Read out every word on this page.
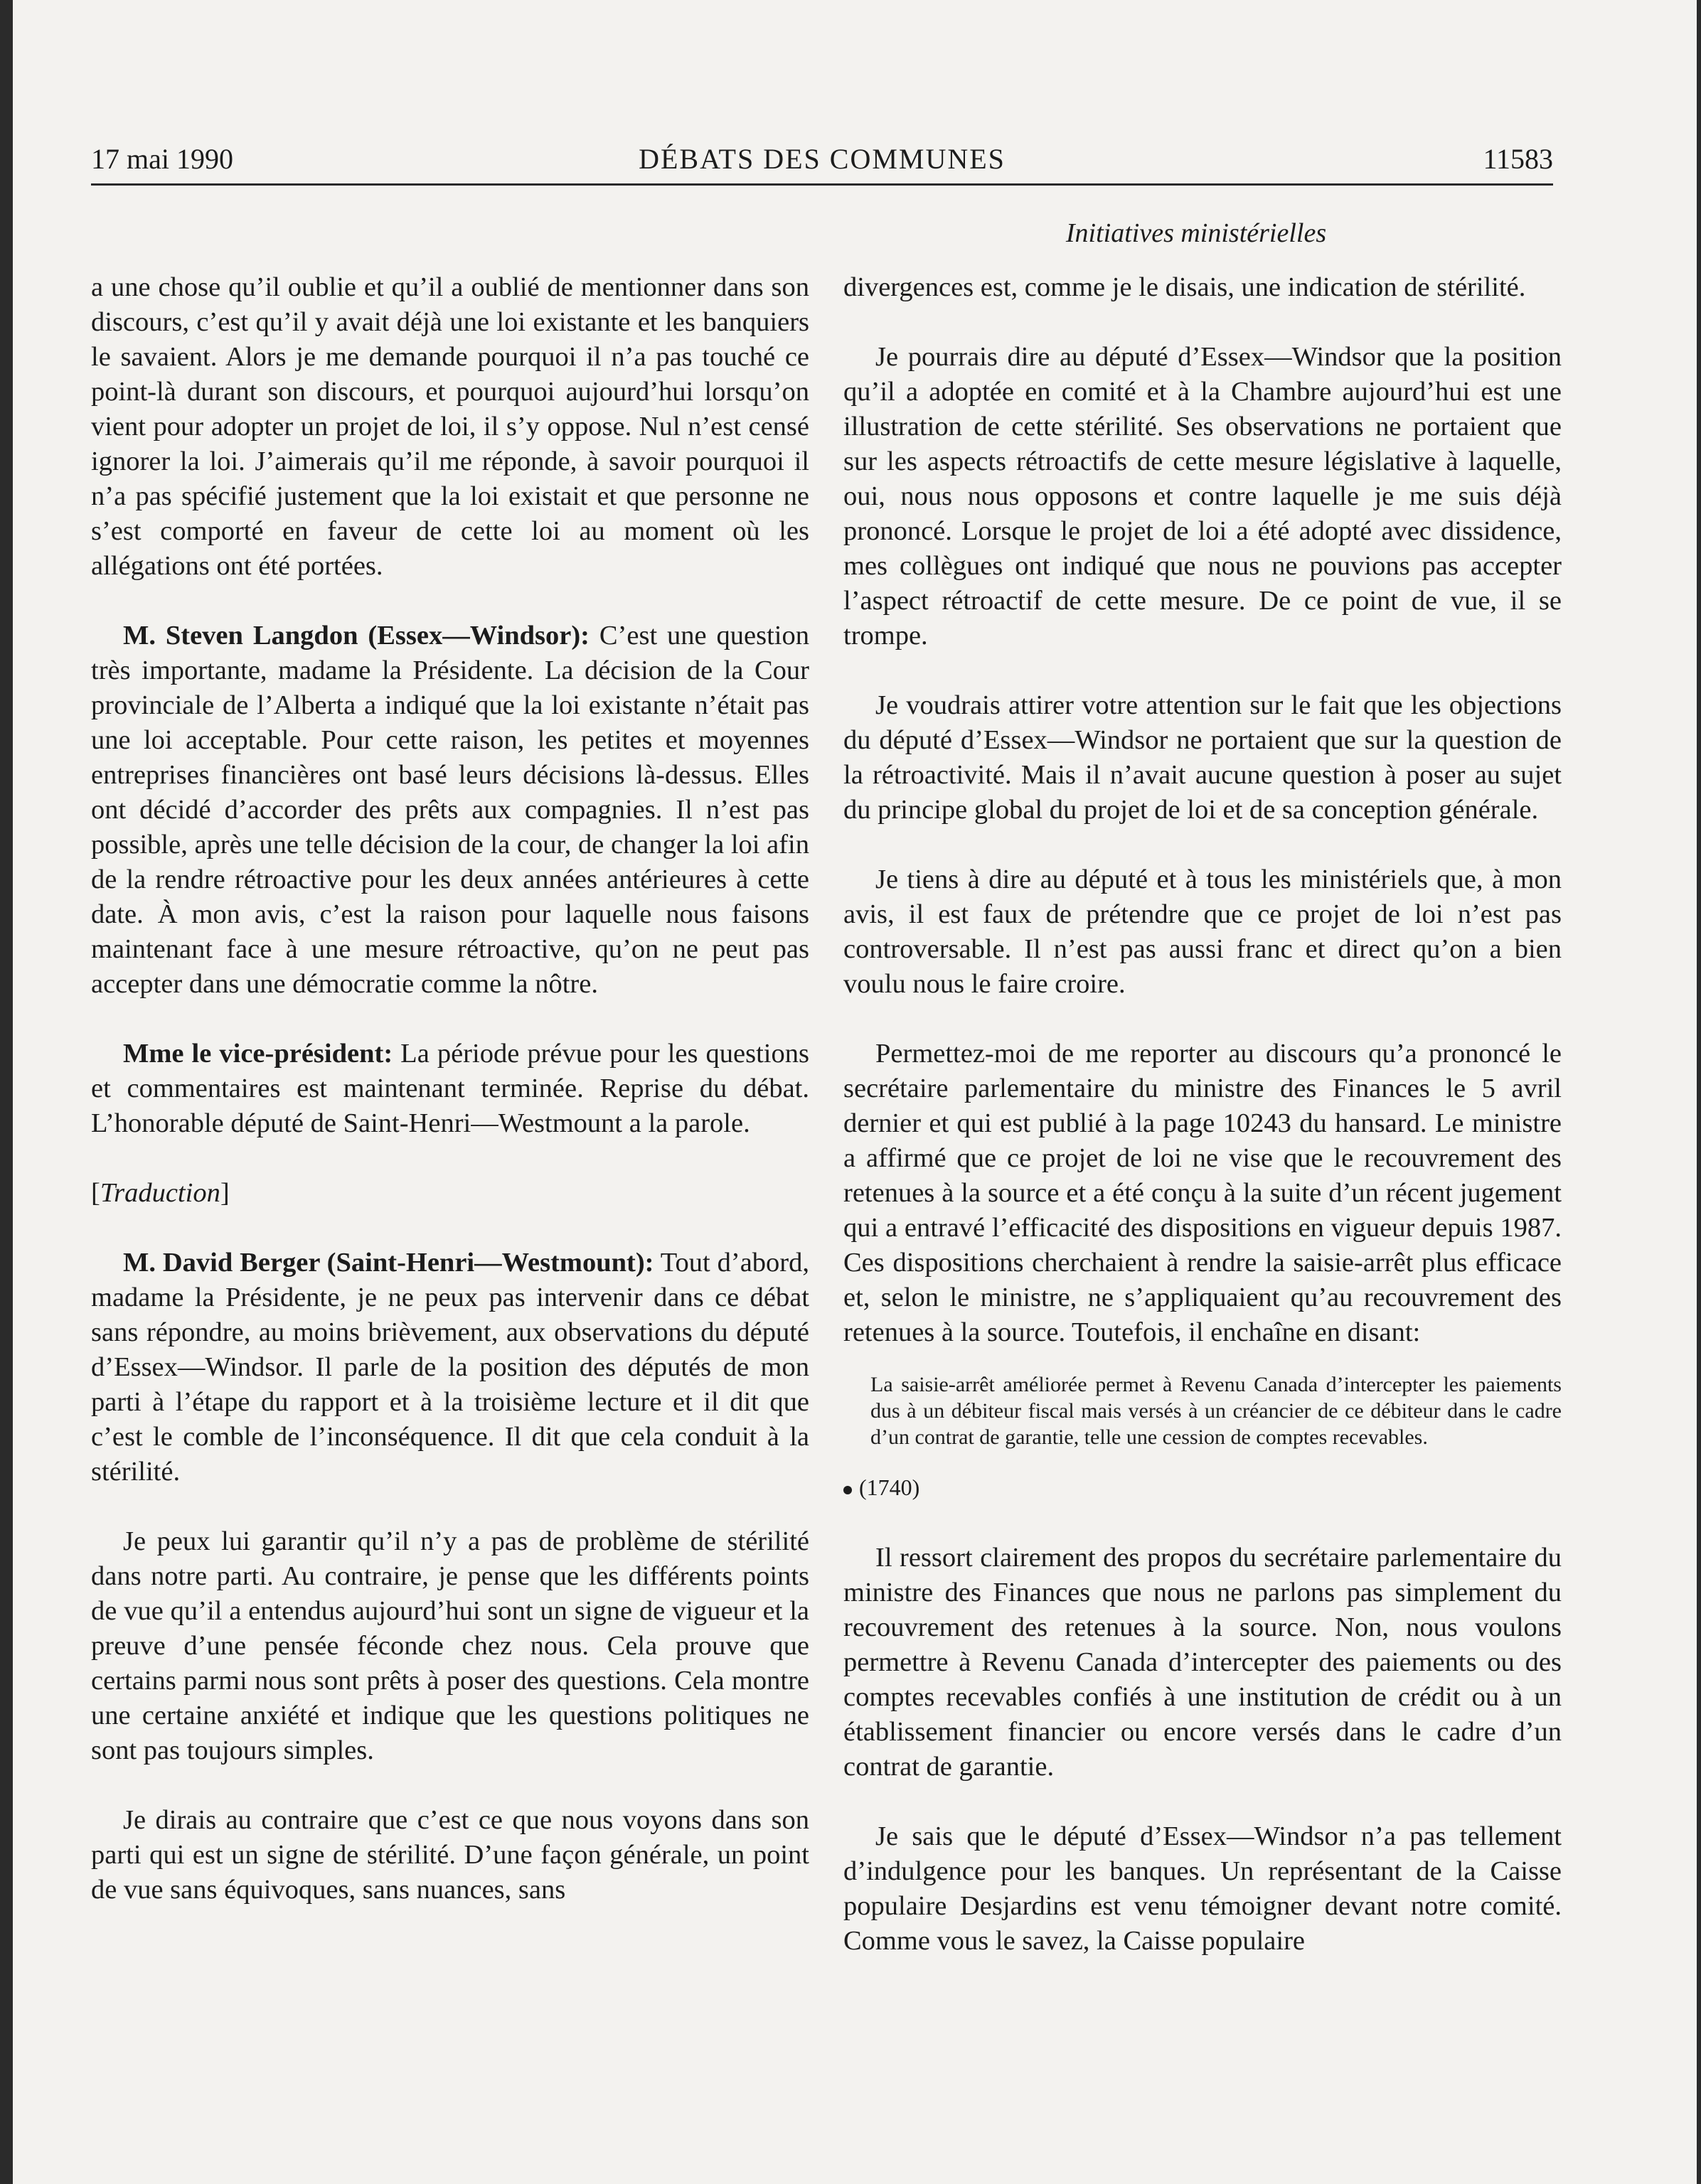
17 mai 1990	DÉBATS DES COMMUNES	11583
Initiatives ministérielles

a une chose qu’il oublie et qu’il a oublié de mentionner dans son discours, c’est qu’il y avait déjà une loi existante et les banquiers le savaient. Alors je me demande pourquoi il n’a pas touché ce point-là durant son discours, et pourquoi aujourd’hui lorsqu’on vient pour adopter un projet de loi, il s’y oppose. Nul n’est censé ignorer la loi. J’aimerais qu’il me réponde, à savoir pourquoi il n’a pas spécifié justement que la loi existait et que personne ne s’est comporté en faveur de cette loi au moment où les allégations ont été portées.

M. Steven Langdon (Essex—Windsor): C’est une question très importante, madame la Présidente. La décision de la Cour provinciale de l’Alberta a indiqué que la loi existante n’était pas une loi acceptable. Pour cette raison, les petites et moyennes entreprises financières ont basé leurs décisions là-dessus. Elles ont décidé d’accorder des prêts aux compagnies. Il n’est pas possible, après une telle décision de la cour, de changer la loi afin de la rendre rétroactive pour les deux années antérieures à cette date. À mon avis, c’est la raison pour laquelle nous faisons maintenant face à une mesure rétroactive, qu’on ne peut pas accepter dans une démocratie comme la nôtre.

Mme le vice-président: La période prévue pour les questions et commentaires est maintenant terminée. Reprise du débat. L’honorable député de Saint-Henri—Westmount a la parole.

[Traduction]

M. David Berger (Saint-Henri—Westmount): Tout d’abord, madame la Présidente, je ne peux pas intervenir dans ce débat sans répondre, au moins brièvement, aux observations du député d’Essex—Windsor. Il parle de la position des députés de mon parti à l’étape du rapport et à la troisième lecture et il dit que c’est le comble de l’inconséquence. Il dit que cela conduit à la stérilité.

Je peux lui garantir qu’il n’y a pas de problème de stérilité dans notre parti. Au contraire, je pense que les différents points de vue qu’il a entendus aujourd’hui sont un signe de vigueur et la preuve d’une pensée féconde chez nous. Cela prouve que certains parmi nous sont prêts à poser des questions. Cela montre une certaine anxiété et indique que les questions politiques ne sont pas toujours simples.

Je dirais au contraire que c’est ce que nous voyons dans son parti qui est un signe de stérilité. D’une façon générale, un point de vue sans équivoques, sans nuances, sans

divergences est, comme je le disais, une indication de stérilité.

Je pourrais dire au député d’Essex—Windsor que la position qu’il a adoptée en comité et à la Chambre aujourd’hui est une illustration de cette stérilité. Ses observations ne portaient que sur les aspects rétroactifs de cette mesure législative à laquelle, oui, nous nous opposons et contre laquelle je me suis déjà prononcé. Lorsque le projet de loi a été adopté avec dissidence, mes collègues ont indiqué que nous ne pouvions pas accepter l’aspect rétroactif de cette mesure. De ce point de vue, il se trompe.

Je voudrais attirer votre attention sur le fait que les objections du député d’Essex—Windsor ne portaient que sur la question de la rétroactivité. Mais il n’avait aucune question à poser au sujet du principe global du projet de loi et de sa conception générale.

Je tiens à dire au député et à tous les ministériels que, à mon avis, il est faux de prétendre que ce projet de loi n’est pas controversable. Il n’est pas aussi franc et direct qu’on a bien voulu nous le faire croire.

Permettez-moi de me reporter au discours qu’a prononcé le secrétaire parlementaire du ministre des Finances le 5 avril dernier et qui est publié à la page 10243 du hansard. Le ministre a affirmé que ce projet de loi ne vise que le recouvrement des retenues à la source et a été conçu à la suite d’un récent jugement qui a entravé l’efficacité des dispositions en vigueur depuis 1987. Ces dispositions cherchaient à rendre la saisie-arrêt plus efficace et, selon le ministre, ne s’appliquaient qu’au recouvrement des retenues à la source. Toutefois, il enchaîne en disant:

La saisie-arrêt améliorée permet à Revenu Canada d’intercepter les paiements dus à un débiteur fiscal mais versés à un créancier de ce débiteur dans le cadre d’un contrat de garantie, telle une cession de comptes recevables.

(1740)

Il ressort clairement des propos du secrétaire parlementaire du ministre des Finances que nous ne parlons pas simplement du recouvrement des retenues à la source. Non, nous voulons permettre à Revenu Canada d’intercepter des paiements ou des comptes recevables confiés à une institution de crédit ou à un établissement financier ou encore versés dans le cadre d’un contrat de garantie.

Je sais que le député d’Essex—Windsor n’a pas tellement d’indulgence pour les banques. Un représentant de la Caisse populaire Desjardins est venu témoigner devant notre comité. Comme vous le savez, la Caisse populaire
